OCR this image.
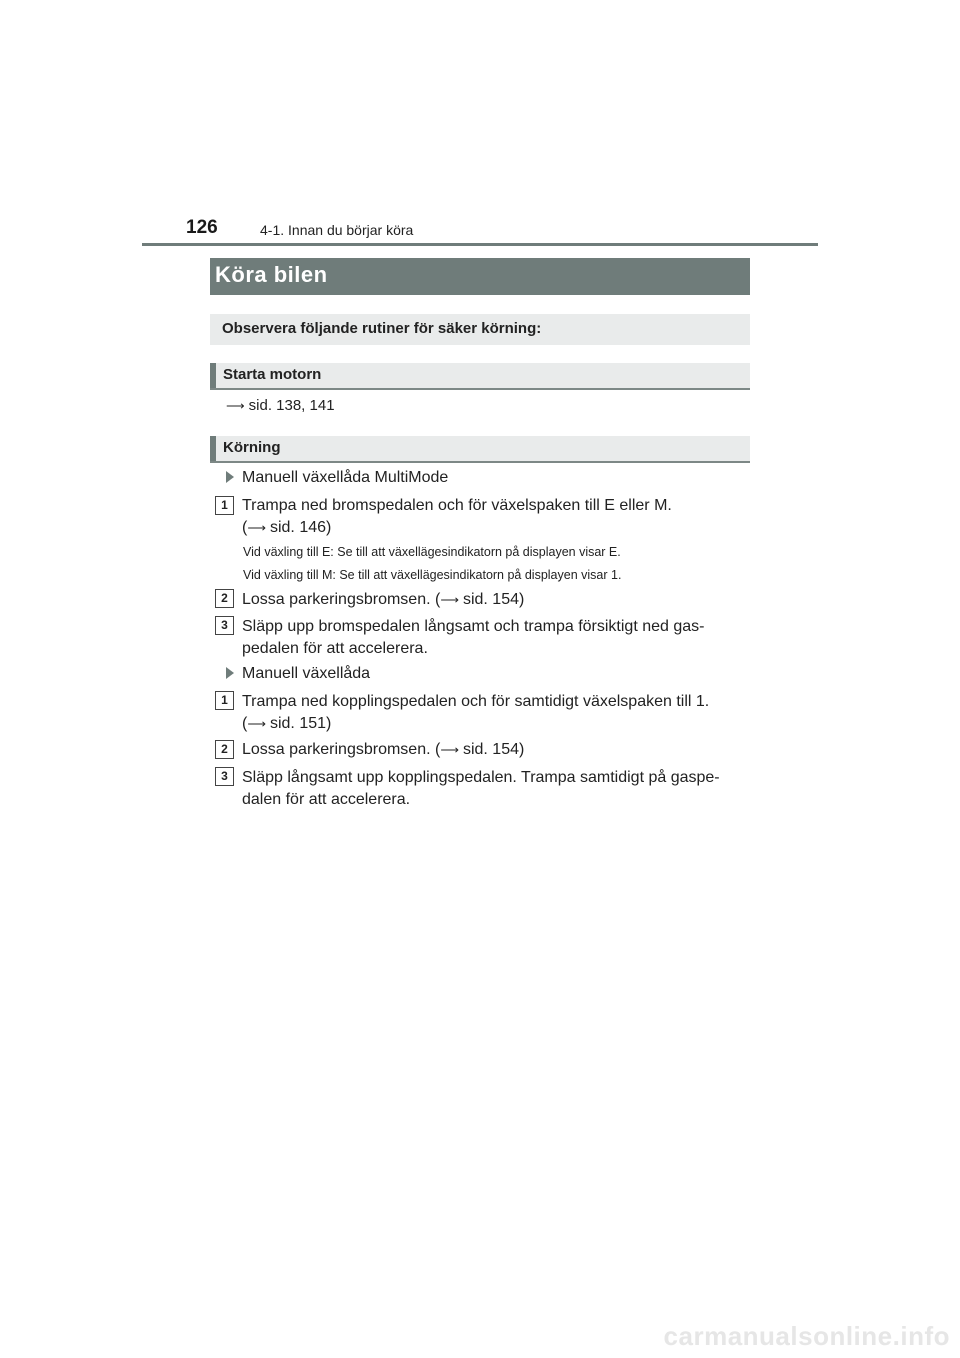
126	4-1. Innan du börjar köra
Köra bilen
Observera följande rutiner för säker körning:
Starta motorn
⟶ sid. 138, 141
Körning
Manuell växellåda MultiMode
1 Trampa ned bromspedalen och för växelspaken till E eller M.
(⟶ sid. 146)
Vid växling till E: Se till att växellägesindikatorn på displayen visar E.
Vid växling till M: Se till att växellägesindikatorn på displayen visar 1.
2 Lossa parkeringsbromsen. (⟶ sid. 154)
3 Släpp upp bromspedalen långsamt och trampa försiktigt ned gas-
pedalen för att accelerera.
Manuell växellåda
1 Trampa ned kopplingspedalen och för samtidigt växelspaken till 1.
(⟶ sid. 151)
2 Lossa parkeringsbromsen. (⟶ sid. 154)
3 Släpp långsamt upp kopplingspedalen. Trampa samtidigt på gaspe-
dalen för att accelerera.
carmanualsonline.info
